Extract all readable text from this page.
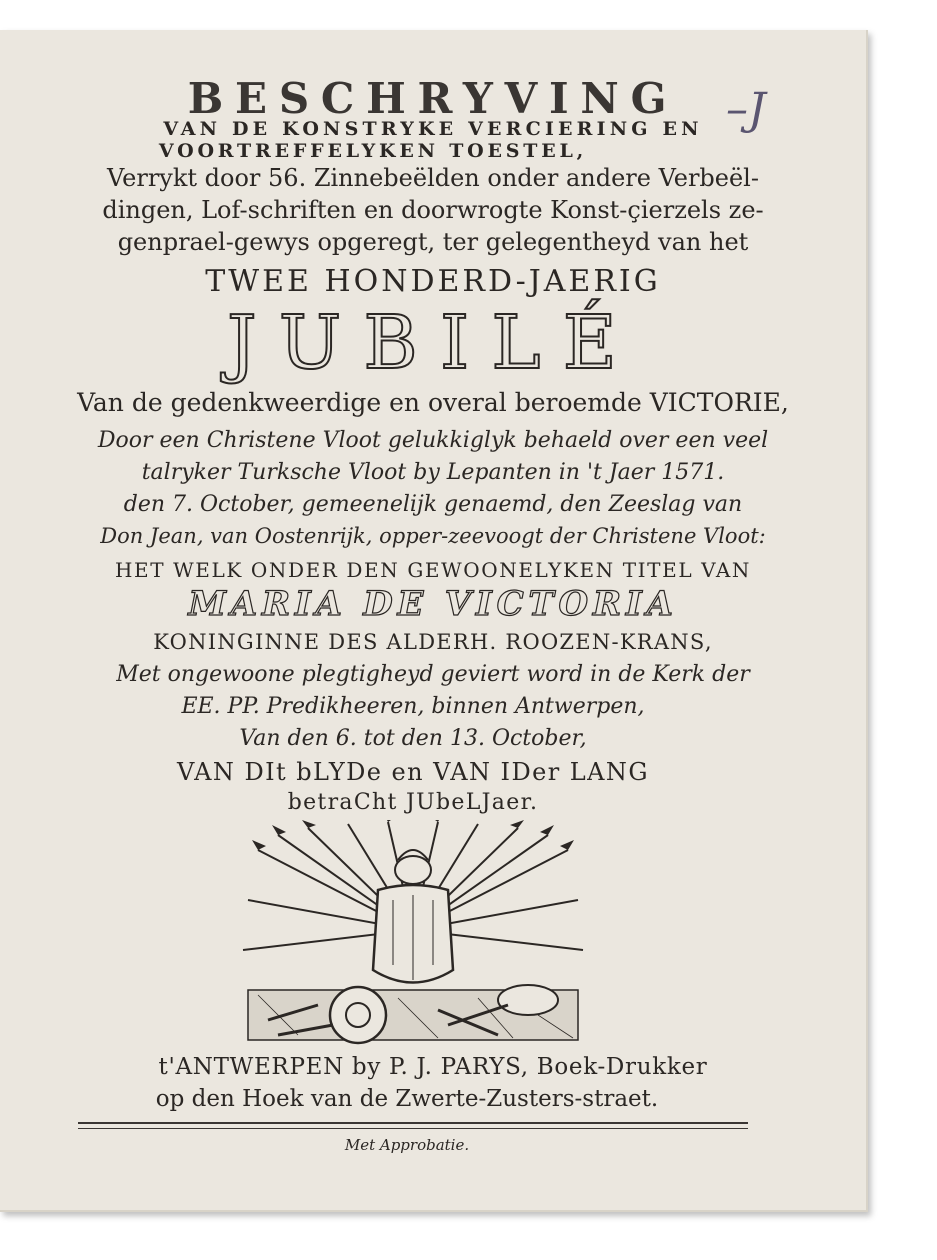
BESCHRYVING	–J
VAN DE KONSTRYKE VERCIERING EN
VOORTREFFELYKEN TOESTEL,
Verrykt door 56. Zinnebeëlden onder andere Verbeël-
dingen, Lof-schriften en doorwrogte Konst-çierzels ze-
genprael-gewys opgeregt, ter gelegentheyd van het
TWEE HONDERD-JAERIG
JUBILÉ
Van de gedenkweerdige en overal beroemde VICTORIE,
Door een Christene Vloot gelukkiglyk behaeld over een veel
talryker Turksche Vloot by Lepanten in 't Jaer 1571.
den 7. October, gemeenelijk genaemd, den Zeeslag van
Don Jean, van Oostenrijk, opper-zeevoogt der Christene Vloot:
HET WELK ONDER DEN GEWOONELYKEN TITEL VAN
MARIA DE VICTORIA
KONINGINNE DES ALDERH. ROOZEN-KRANS,
Met ongewoone plegtigheyd geviert word in de Kerk der
EE. PP. Predikheeren, binnen Antwerpen,
Van den 6. tot den 13. October,
VAN DIt bLYDe en VAN IDer LANG
betraCht JUbeLJaer.
t'ANTWERPEN by P. J. PARYS, Boek-Drukker
op den Hoek van de Zwerte-Zusters-straet.
Met Approbatie.
